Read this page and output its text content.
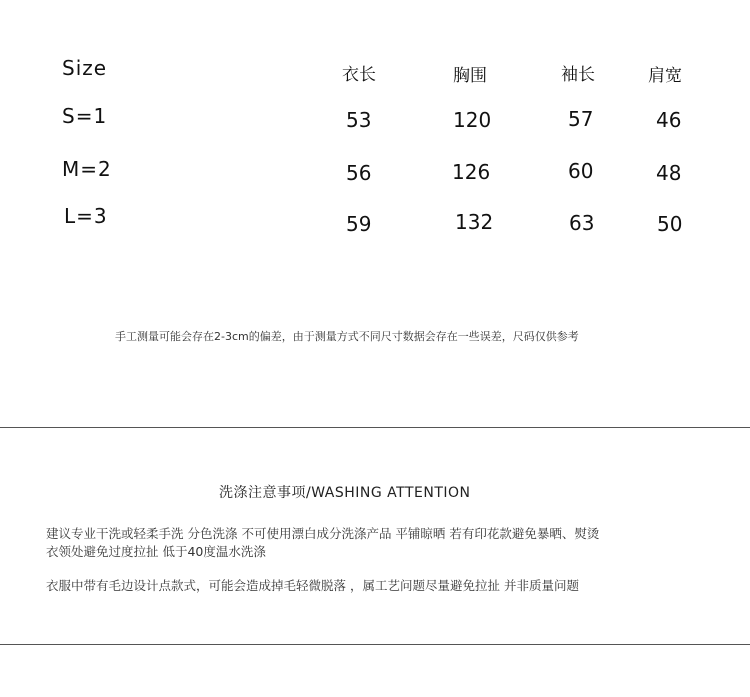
Size	衣长	胸围	袖长	肩宽
S=1	53	120	57	46
M=2	56	126	60	48
L=3	59	132	63	50
手工测量可能会存在2-3cm的偏差，由于测量方式不同尺寸数据会存在一些误差，尺码仅供参考
洗涤注意事项/WASHING ATTENTION
建议专业干洗或轻柔手洗 分色洗涤 不可使用漂白成分洗涤产品 平铺晾晒 若有印花款避免暴晒、熨烫
衣领处避免过度拉扯 低于40度温水洗涤
衣服中带有毛边设计点款式，可能会造成掉毛轻微脱落 ，属工艺问题尽量避免拉扯 并非质量问题
